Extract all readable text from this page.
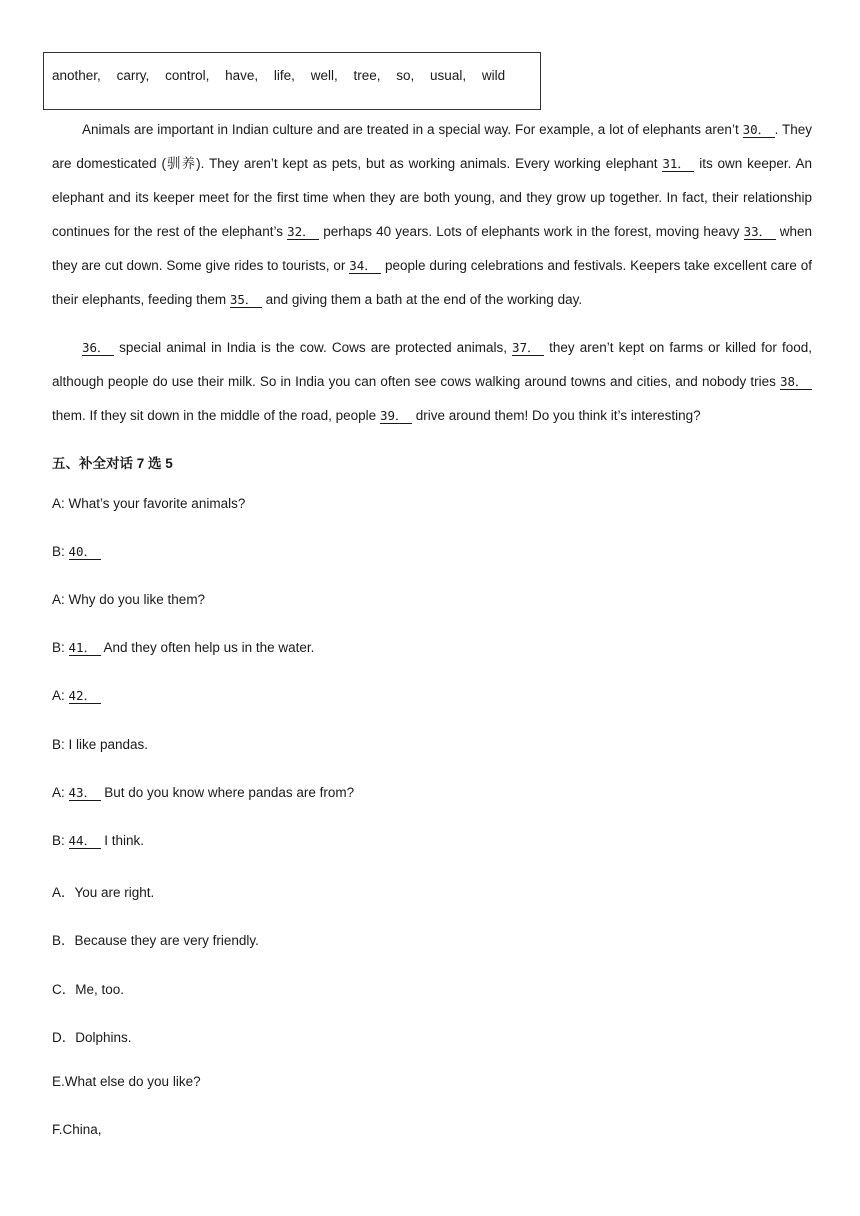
another, carry, control, have, life, well, tree, so, usual, wild
Animals are important in Indian culture and are treated in a special way. For example, a lot of elephants aren’t 30． . They are domesticated (驯养). They aren’t kept as pets, but as working animals. Every working elephant 31． its own keeper. An elephant and its keeper meet for the first time when they are both young, and they grow up together. In fact, their relationship continues for the rest of the elephant’s 32． perhaps 40 years. Lots of elephants work in the forest, moving heavy 33． when they are cut down. Some give rides to tourists, or 34． people during celebrations and festivals. Keepers take excellent care of their elephants, feeding them 35． and giving them a bath at the end of the working day.
36． special animal in India is the cow. Cows are protected animals, 37． they aren’t kept on farms or killed for food, although people do use their milk. So in India you can often see cows walking around towns and cities, and nobody tries 38． them. If they sit down in the middle of the road, people 39． drive around them! Do you think it’s interesting?
五、补全对话 7 选 5
A: What’s your favorite animals?
B: 40．
A: Why do you like them?
B: 41． And they often help us in the water.
A: 42．
B: I like pandas.
A: 43． But do you know where pandas are from?
B: 44． I think.
A．You are right.
B．Because they are very friendly.
C．Me, too.
D．Dolphins.
E.What else do you like?
F.China,
